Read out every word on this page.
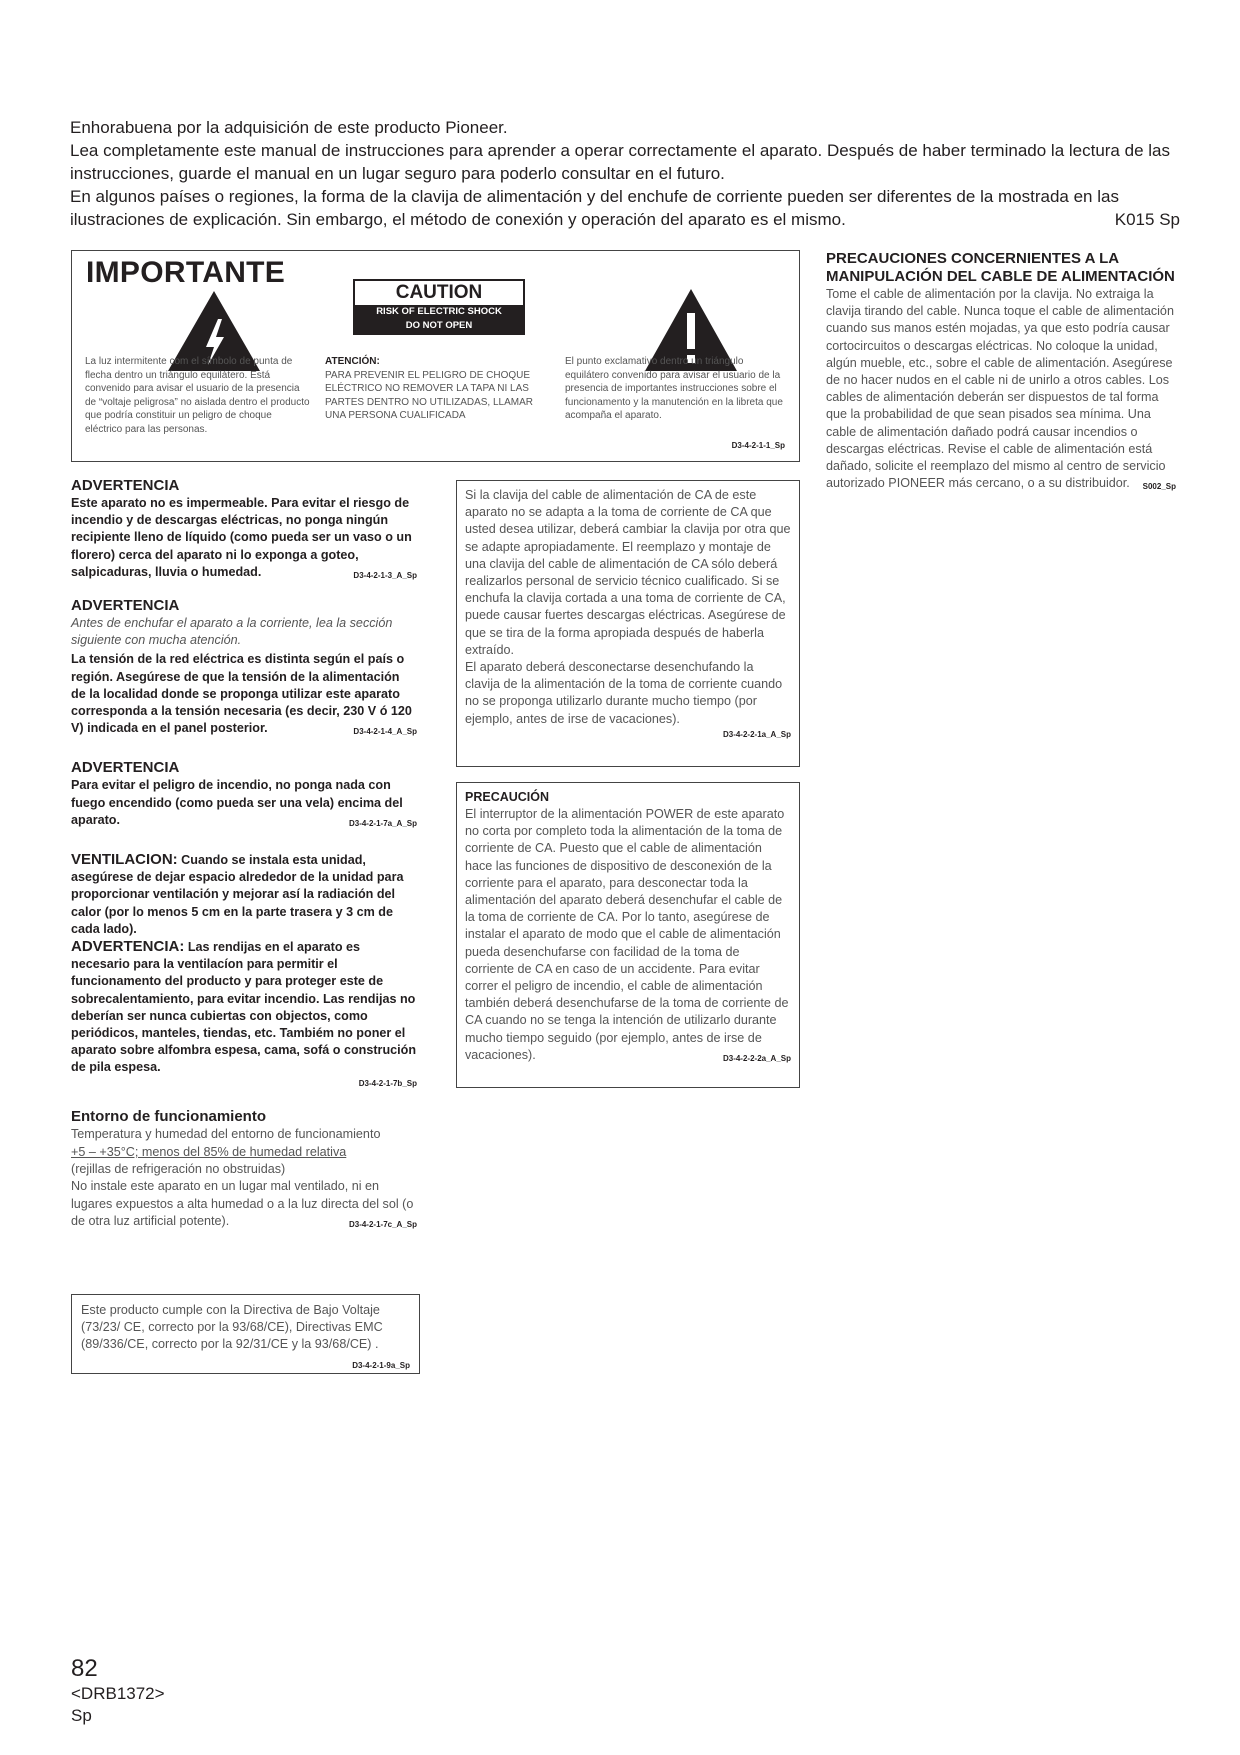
Enhorabuena por la adquisición de este producto Pioneer.

Lea completamente este manual de instrucciones para aprender a operar correctamente el aparato. Después de haber terminado la lectura de las instrucciones, guarde el manual en un lugar seguro para poderlo consultar en el futuro.

En algunos países o regiones, la forma de la clavija de alimentación y del enchufe de corriente pueden ser diferentes de la mostrada en las ilustraciones de explicación. Sin embargo, el método de conexión y operación del aparato es el mismo.	K015 Sp

IMPORTANTE
CAUTION
RISK OF ELECTRIC SHOCK
DO NOT OPEN
La luz intermitente com el símbolo de punta de flecha dentro un triángulo equilátero. Está convenido para avisar el usuario de la presencia de “voltaje peligrosa” no aislada dentro el producto que podría constituir un peligro de choque eléctrico para las personas.
ATENCIÓN:
PARA PREVENIR EL PELIGRO DE CHOQUE ELÉCTRICO NO REMOVER LA TAPA NI LAS PARTES DENTRO NO UTILIZADAS, LLAMAR UNA PERSONA CUALIFICADA
El punto exclamativo dentro un triángulo equilátero convenido para avisar el usuario de la presencia de importantes instrucciones sobre el funcionamento y la manutención en la libreta que acompaña el aparato.
D3-4-2-1-1_Sp

ADVERTENCIA

Este aparato no es impermeable. Para evitar el riesgo de incendio y de descargas eléctricas, no ponga ningún recipiente lleno de líquido (como pueda ser un vaso o un florero) cerca del aparato ni lo exponga a goteo, salpicaduras, lluvia o humedad.	D3-4-2-1-3_A_Sp

ADVERTENCIA

Antes de enchufar el aparato a la corriente, lea la sección siguiente con mucha atención.

La tensión de la red eléctrica es distinta según el país o región. Asegúrese de que la tensión de la alimentación de la localidad donde se proponga utilizar este aparato corresponda a la tensión necesaria (es decir, 230 V ó 120 V) indicada en el panel posterior.	D3-4-2-1-4_A_Sp

ADVERTENCIA

Para evitar el peligro de incendio, no ponga nada con fuego encendido (como pueda ser una vela) encima del aparato.	D3-4-2-1-7a_A_Sp

VENTILACION: Cuando se instala esta unidad, asegúrese de dejar espacio alrededor de la unidad para proporcionar ventilación y mejorar así la radiación del calor (por lo menos 5 cm en la parte trasera y 3 cm de cada lado).

ADVERTENCIA: Las rendijas en el aparato es necesario para la ventilacíon para permitir el funcionamento del producto y para proteger este de sobrecalentamiento, para evitar incendio. Las rendijas no deberían ser nunca cubiertas con objectos, como periódicos, manteles, tiendas, etc. Tambiém no poner el aparato sobre alfombra espesa, cama, sofá o construción de pila espesa.

D3-4-2-1-7b_Sp

Entorno de funcionamiento

Temperatura y humedad del entorno de funcionamiento

+5 – +35°C; menos del 85% de humedad relativa

(rejillas de refrigeración no obstruidas)

No instale este aparato en un lugar mal ventilado, ni en lugares expuestos a alta humedad o a la luz directa del sol (o de otra luz artificial potente).	D3-4-2-1-7c_A_Sp

Este producto cumple con la Directiva de Bajo Voltaje (73/23/ CE, correcto por la 93/68/CE), Directivas EMC (89/336/CE, correcto por la 92/31/CE y la 93/68/CE) .
D3-4-2-1-9a_Sp

Si la clavija del cable de alimentación de CA de este aparato no se adapta a la toma de corriente de CA que usted desea utilizar, deberá cambiar la clavija por otra que se adapte apropiadamente. El reemplazo y montaje de una clavija del cable de alimentación de CA sólo deberá realizarlos personal de servicio técnico cualificado. Si se enchufa la clavija cortada a una toma de corriente de CA, puede causar fuertes descargas eléctricas. Asegúrese de que se tira de la forma apropiada después de haberla extraído.

El aparato deberá desconectarse desenchufando la clavija de la alimentación de la toma de corriente cuando no se proponga utilizarlo durante mucho tiempo (por ejemplo, antes de irse de vacaciones).

D3-4-2-2-1a_A_Sp

PRECAUCIÓN

El interruptor de la alimentación POWER de este aparato no corta por completo toda la alimentación de la toma de corriente de CA. Puesto que el cable de alimentación hace las funciones de dispositivo de desconexión de la corriente para el aparato, para desconectar toda la alimentación del aparato deberá desenchufar el cable de la toma de corriente de CA. Por lo tanto, asegúrese de instalar el aparato de modo que el cable de alimentación pueda desenchufarse con facilidad de la toma de corriente de CA en caso de un accidente. Para evitar correr el peligro de incendio, el cable de alimentación también deberá desenchufarse de la toma de corriente de CA cuando no se tenga la intención de utilizarlo durante mucho tiempo seguido (por ejemplo, antes de irse de vacaciones).	D3-4-2-2-2a_A_Sp

PRECAUCIONES CONCERNIENTES A LA MANIPULACIÓN DEL CABLE DE ALIMENTACIÓN

Tome el cable de alimentación por la clavija. No extraiga la clavija tirando del cable. Nunca toque el cable de alimentación cuando sus manos estén mojadas, ya que esto podría causar cortocircuitos o descargas eléctricas. No coloque la unidad, algún mueble, etc., sobre el cable de alimentación. Asegúrese de no hacer nudos en el cable ni de unirlo a otros cables. Los cables de alimentación deberán ser dispuestos de tal forma que la probabilidad de que sean pisados sea mínima. Una cable de alimentación dañado podrá causar incendios o descargas eléctricas. Revise el cable de alimentación está dañado, solicite el reemplazo del mismo al centro de servicio autorizado PIONEER más cercano, o a su distribuidor. S002_Sp

82
<DRB1372>
Sp
